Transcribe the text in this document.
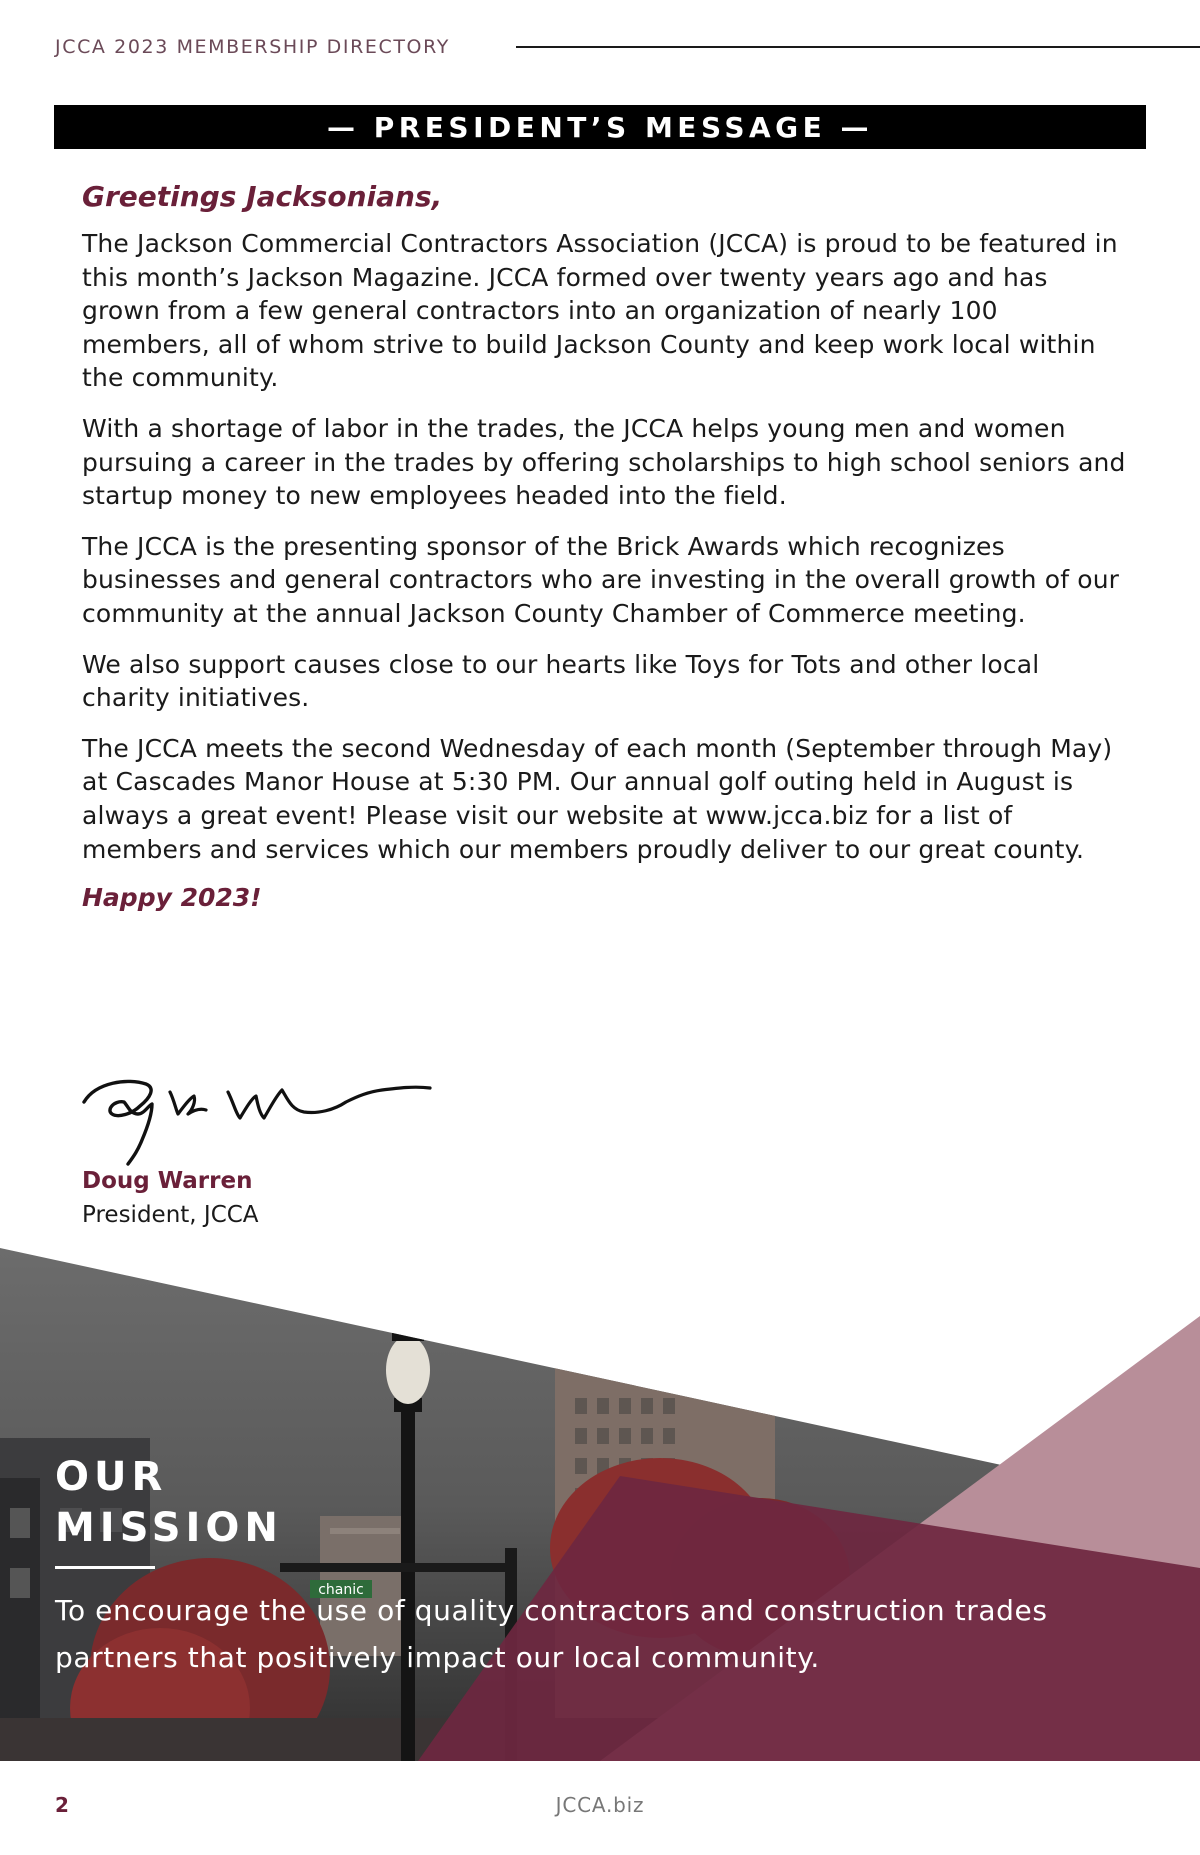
JCCA 2023 MEMBERSHIP DIRECTORY
— PRESIDENT’S MESSAGE —

Greetings Jacksonians,

The Jackson Commercial Contractors Association (JCCA) is proud to be featured in this month’s Jackson Magazine. JCCA formed over twenty years ago and has grown from a few general contractors into an organization of nearly 100 members, all of whom strive to build Jackson County and keep work local within the community.

With a shortage of labor in the trades, the JCCA helps young men and women pursuing a career in the trades by offering scholarships to high school seniors and startup money to new employees headed into the field.

The JCCA is the presenting sponsor of the Brick Awards which recognizes businesses and general contractors who are investing in the overall growth of our community at the annual Jackson County Chamber of Commerce meeting.

We also support causes close to our hearts like Toys for Tots and other local charity initiatives.

The JCCA meets the second Wednesday of each month (September through May) at Cascades Manor House at 5:30 PM. Our annual golf outing held in August is always a great event! Please visit our website at www.jcca.biz for a list of members and services which our members proudly deliver to our great county.

Happy 2023!

Doug Warren
President, JCCA
chanic
OUR
MISSION
To encourage the use of quality contractors and construction trades partners that positively impact our local community.
2	JCCA.biz
